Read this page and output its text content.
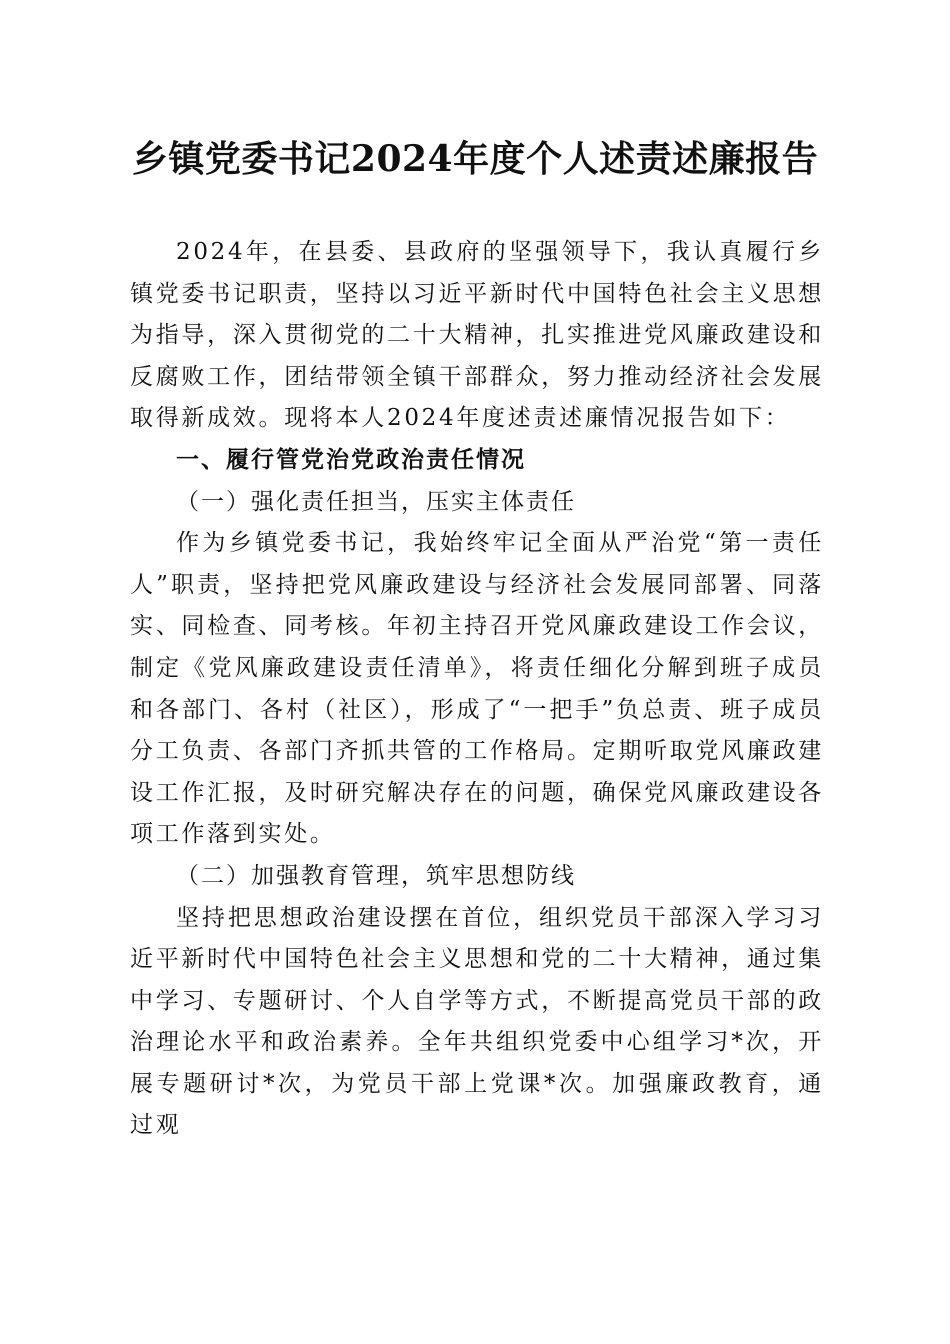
乡镇党委书记2024年度个人述责述廉报告

2024年，在县委、县政府的坚强领导下，我认真履行乡镇党委书记职责，坚持以习近平新时代中国特色社会主义思想为指导，深入贯彻党的二十大精神，扎实推进党风廉政建设和反腐败工作，团结带领全镇干部群众，努力推动经济社会发展取得新成效。现将本人2024年度述责述廉情况报告如下：

一、履行管党治党政治责任情况
（一）强化责任担当，压实主体责任

作为乡镇党委书记，我始终牢记全面从严治党“第一责任人”职责，坚持把党风廉政建设与经济社会发展同部署、同落实、同检查、同考核。年初主持召开党风廉政建设工作会议，制定《党风廉政建设责任清单》，将责任细化分解到班子成员和各部门、各村（社区），形成了“一把手”负总责、班子成员分工负责、各部门齐抓共管的工作格局。定期听取党风廉政建设工作汇报，及时研究解决存在的问题，确保党风廉政建设各项工作落到实处。

（二）加强教育管理，筑牢思想防线

坚持把思想政治建设摆在首位，组织党员干部深入学习习近平新时代中国特色社会主义思想和党的二十大精神，通过集中学习、专题研讨、个人自学等方式，不断提高党员干部的政治理论水平和政治素养。全年共组织党委中心组学习*次，开展专题研讨*次，为党员干部上党课*次。加强廉政教育，通过观
